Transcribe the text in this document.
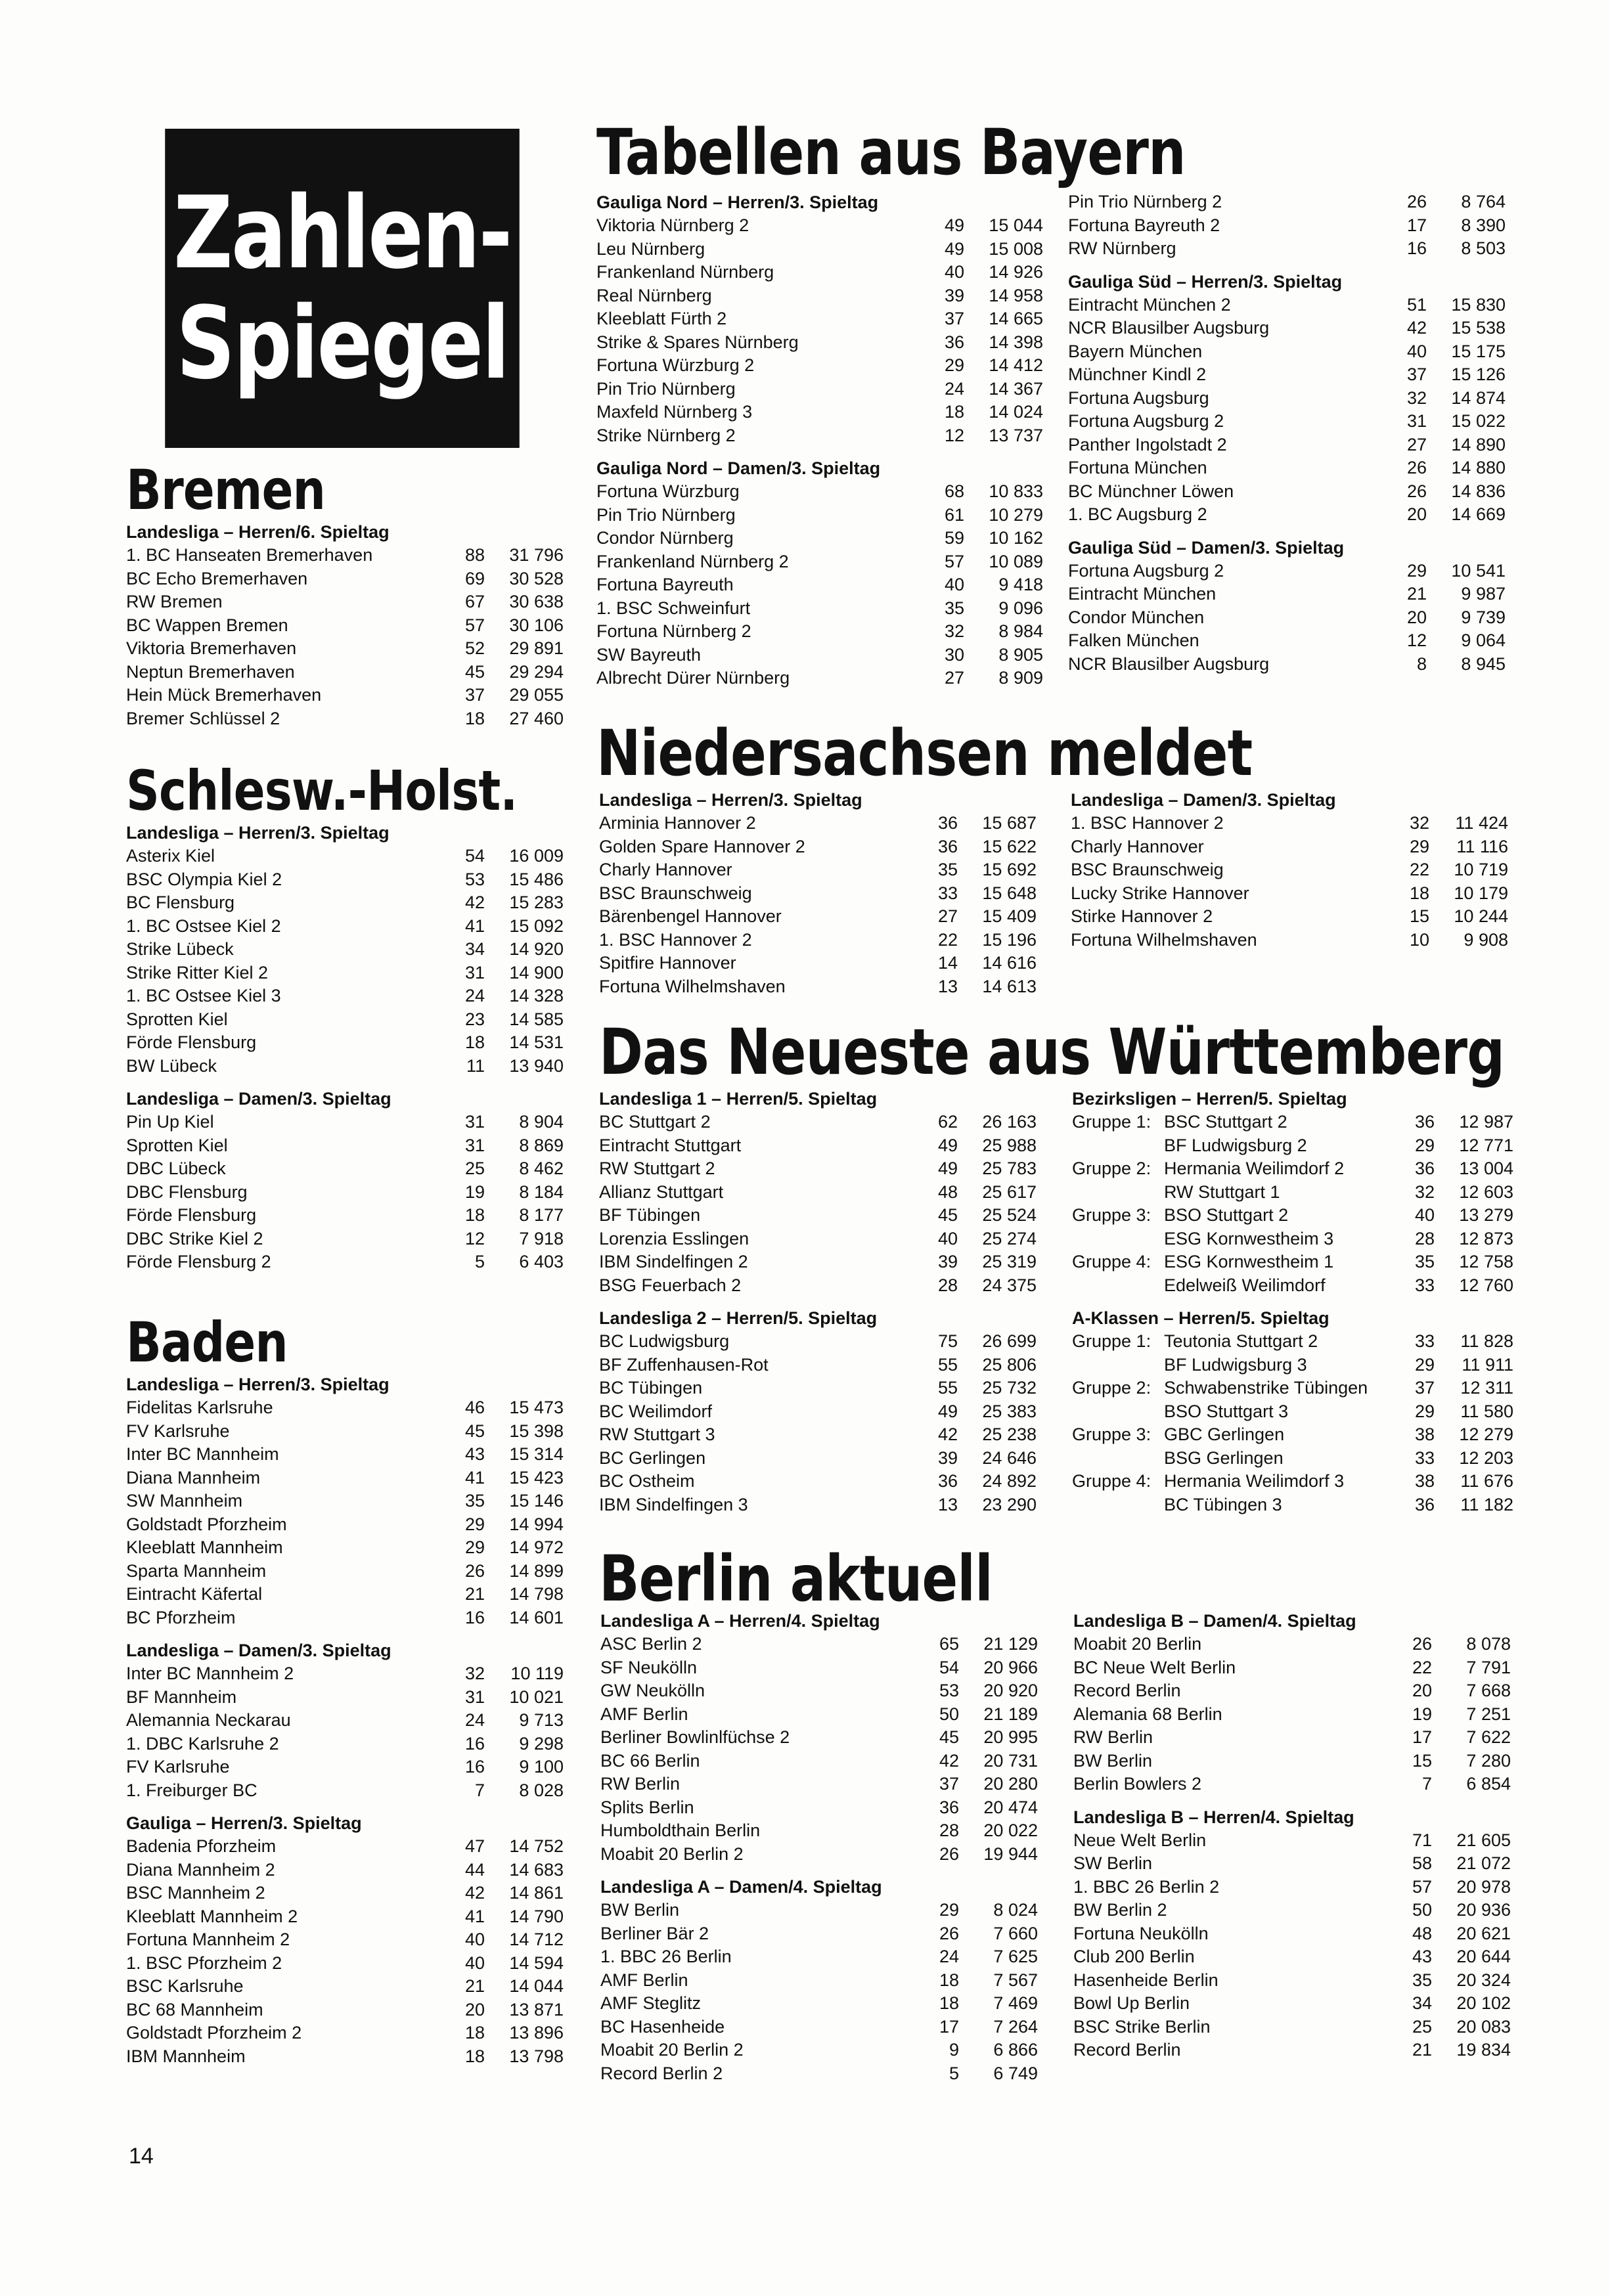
Zahlen-
Spiegel
Bremen
Landesliga – Herren/6. Spieltag
1. BC Hanseaten Bremerhaven	88	31 796
BC Echo Bremerhaven	69	30 528
RW Bremen	67	30 638
BC Wappen Bremen	57	30 106
Viktoria Bremerhaven	52	29 891
Neptun Bremerhaven	45	29 294
Hein Mück Bremerhaven	37	29 055
Bremer Schlüssel 2	18	27 460
Schlesw.-Holst.
Landesliga – Herren/3. Spieltag
Asterix Kiel	54	16 009
BSC Olympia Kiel 2	53	15 486
BC Flensburg	42	15 283
1. BC Ostsee Kiel 2	41	15 092
Strike Lübeck	34	14 920
Strike Ritter Kiel 2	31	14 900
1. BC Ostsee Kiel 3	24	14 328
Sprotten Kiel	23	14 585
Förde Flensburg	18	14 531
BW Lübeck	11	13 940
Landesliga – Damen/3. Spieltag
Pin Up Kiel	31	8 904
Sprotten Kiel	31	8 869
DBC Lübeck	25	8 462
DBC Flensburg	19	8 184
Förde Flensburg	18	8 177
DBC Strike Kiel 2	12	7 918
Förde Flensburg 2	5	6 403
Baden
Landesliga – Herren/3. Spieltag
Fidelitas Karlsruhe	46	15 473
FV Karlsruhe	45	15 398
Inter BC Mannheim	43	15 314
Diana Mannheim	41	15 423
SW Mannheim	35	15 146
Goldstadt Pforzheim	29	14 994
Kleeblatt Mannheim	29	14 972
Sparta Mannheim	26	14 899
Eintracht Käfertal	21	14 798
BC Pforzheim	16	14 601
Landesliga – Damen/3. Spieltag
Inter BC Mannheim 2	32	10 119
BF Mannheim	31	10 021
Alemannia Neckarau	24	9 713
1. DBC Karlsruhe 2	16	9 298
FV Karlsruhe	16	9 100
1. Freiburger BC	7	8 028
Gauliga – Herren/3. Spieltag
Badenia Pforzheim	47	14 752
Diana Mannheim 2	44	14 683
BSC Mannheim 2	42	14 861
Kleeblatt Mannheim 2	41	14 790
Fortuna Mannheim 2	40	14 712
1. BSC Pforzheim 2	40	14 594
BSC Karlsruhe	21	14 044
BC 68 Mannheim	20	13 871
Goldstadt Pforzheim 2	18	13 896
IBM Mannheim	18	13 798
Tabellen aus Bayern
Gauliga Nord – Herren/3. Spieltag
Viktoria Nürnberg 2	49	15 044
Leu Nürnberg	49	15 008
Frankenland Nürnberg	40	14 926
Real Nürnberg	39	14 958
Kleeblatt Fürth 2	37	14 665
Strike & Spares Nürnberg	36	14 398
Fortuna Würzburg 2	29	14 412
Pin Trio Nürnberg	24	14 367
Maxfeld Nürnberg 3	18	14 024
Strike Nürnberg 2	12	13 737
Gauliga Nord – Damen/3. Spieltag
Fortuna Würzburg	68	10 833
Pin Trio Nürnberg	61	10 279
Condor Nürnberg	59	10 162
Frankenland Nürnberg 2	57	10 089
Fortuna Bayreuth	40	9 418
1. BSC Schweinfurt	35	9 096
Fortuna Nürnberg 2	32	8 984
SW Bayreuth	30	8 905
Albrecht Dürer Nürnberg	27	8 909
Pin Trio Nürnberg 2	26	8 764
Fortuna Bayreuth 2	17	8 390
RW Nürnberg	16	8 503
Gauliga Süd – Herren/3. Spieltag
Eintracht München 2	51	15 830
NCR Blausilber Augsburg	42	15 538
Bayern München	40	15 175
Münchner Kindl 2	37	15 126
Fortuna Augsburg	32	14 874
Fortuna Augsburg 2	31	15 022
Panther Ingolstadt 2	27	14 890
Fortuna München	26	14 880
BC Münchner Löwen	26	14 836
1. BC Augsburg 2	20	14 669
Gauliga Süd – Damen/3. Spieltag
Fortuna Augsburg 2	29	10 541
Eintracht München	21	9 987
Condor München	20	9 739
Falken München	12	9 064
NCR Blausilber Augsburg	8	8 945
Niedersachsen meldet
Landesliga – Herren/3. Spieltag
Arminia Hannover 2	36	15 687
Golden Spare Hannover 2	36	15 622
Charly Hannover	35	15 692
BSC Braunschweig	33	15 648
Bärenbengel Hannover	27	15 409
1. BSC Hannover 2	22	15 196
Spitfire Hannover	14	14 616
Fortuna Wilhelmshaven	13	14 613
Landesliga – Damen/3. Spieltag
1. BSC Hannover 2	32	11 424
Charly Hannover	29	11 116
BSC Braunschweig	22	10 719
Lucky Strike Hannover	18	10 179
Stirke Hannover 2	15	10 244
Fortuna Wilhelmshaven	10	9 908
Das Neueste aus Württemberg
Landesliga 1 – Herren/5. Spieltag
BC Stuttgart 2	62	26 163
Eintracht Stuttgart	49	25 988
RW Stuttgart 2	49	25 783
Allianz Stuttgart	48	25 617
BF Tübingen	45	25 524
Lorenzia Esslingen	40	25 274
IBM Sindelfingen 2	39	25 319
BSG Feuerbach 2	28	24 375
Landesliga 2 – Herren/5. Spieltag
BC Ludwigsburg	75	26 699
BF Zuffenhausen-Rot	55	25 806
BC Tübingen	55	25 732
BC Weilimdorf	49	25 383
RW Stuttgart 3	42	25 238
BC Gerlingen	39	24 646
BC Ostheim	36	24 892
IBM Sindelfingen 3	13	23 290
Bezirksligen – Herren/5. Spieltag
Gruppe 1: BSC Stuttgart 2	36	12 987
BF Ludwigsburg 2	29	12 771
Gruppe 2: Hermania Weilimdorf 2	36	13 004
RW Stuttgart 1	32	12 603
Gruppe 3: BSO Stuttgart 2	40	13 279
ESG Kornwestheim 3	28	12 873
Gruppe 4: ESG Kornwestheim 1	35	12 758
Edelweiß Weilimdorf	33	12 760
A-Klassen – Herren/5. Spieltag
Gruppe 1: Teutonia Stuttgart 2	33	11 828
BF Ludwigsburg 3	29	11 911
Gruppe 2: Schwabenstrike Tübingen	37	12 311
BSO Stuttgart 3	29	11 580
Gruppe 3: GBC Gerlingen	38	12 279
BSG Gerlingen	33	12 203
Gruppe 4: Hermania Weilimdorf 3	38	11 676
BC Tübingen 3	36	11 182
Berlin aktuell
Landesliga A – Herren/4. Spieltag
ASC Berlin 2	65	21 129
SF Neukölln	54	20 966
GW Neukölln	53	20 920
AMF Berlin	50	21 189
Berliner Bowlinlfüchse 2	45	20 995
BC 66 Berlin	42	20 731
RW Berlin	37	20 280
Splits Berlin	36	20 474
Humboldthain Berlin	28	20 022
Moabit 20 Berlin 2	26	19 944
Landesliga A – Damen/4. Spieltag
BW Berlin	29	8 024
Berliner Bär 2	26	7 660
1. BBC 26 Berlin	24	7 625
AMF Berlin	18	7 567
AMF Steglitz	18	7 469
BC Hasenheide	17	7 264
Moabit 20 Berlin 2	9	6 866
Record Berlin 2	5	6 749
Landesliga B – Damen/4. Spieltag
Moabit 20 Berlin	26	8 078
BC Neue Welt Berlin	22	7 791
Record Berlin	20	7 668
Alemania 68 Berlin	19	7 251
RW Berlin	17	7 622
BW Berlin	15	7 280
Berlin Bowlers 2	7	6 854
Landesliga B – Herren/4. Spieltag
Neue Welt Berlin	71	21 605
SW Berlin	58	21 072
1. BBC 26 Berlin 2	57	20 978
BW Berlin 2	50	20 936
Fortuna Neukölln	48	20 621
Club 200 Berlin	43	20 644
Hasenheide Berlin	35	20 324
Bowl Up Berlin	34	20 102
BSC Strike Berlin	25	20 083
Record Berlin	21	19 834
14
